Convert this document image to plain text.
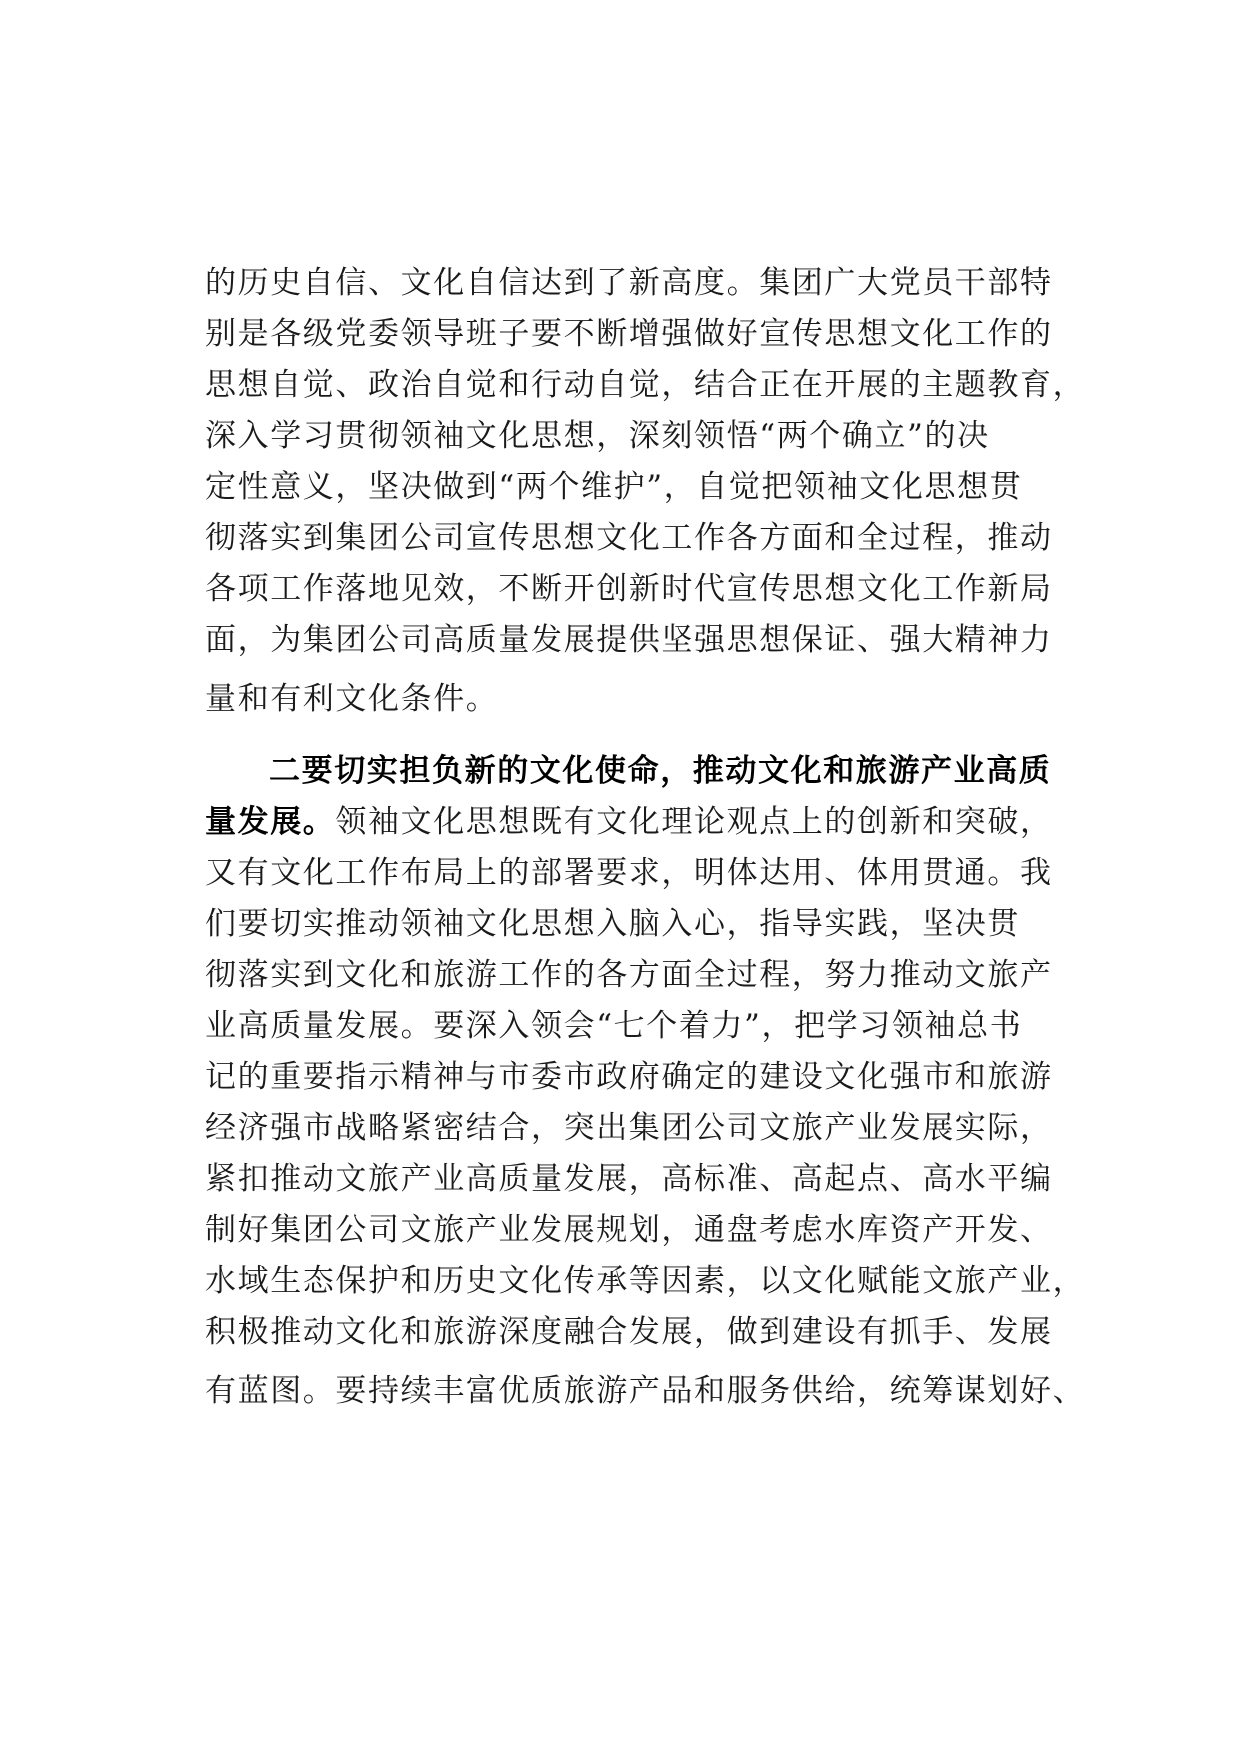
的历史自信、文化自信达到了新高度。集团广大党员干部特
别是各级党委领导班子要不断增强做好宣传思想文化工作的
思想自觉、政治自觉和行动自觉，结合正在开展的主题教育，
深入学习贯彻领袖文化思想，深刻领悟“两个确立”的决
定性意义，坚决做到“两个维护”，自觉把领袖文化思想贯
彻落实到集团公司宣传思想文化工作各方面和全过程，推动
各项工作落地见效，不断开创新时代宣传思想文化工作新局
面，为集团公司高质量发展提供坚强思想保证、强大精神力
量和有利文化条件。
二要切实担负新的文化使命，推动文化和旅游产业高质
量发展。领袖文化思想既有文化理论观点上的创新和突破，
又有文化工作布局上的部署要求，明体达用、体用贯通。我
们要切实推动领袖文化思想入脑入心，指导实践，坚决贯
彻落实到文化和旅游工作的各方面全过程，努力推动文旅产
业高质量发展。要深入领会“七个着力”，把学习领袖总书
记的重要指示精神与市委市政府确定的建设文化强市和旅游
经济强市战略紧密结合，突出集团公司文旅产业发展实际，
紧扣推动文旅产业高质量发展，高标准、高起点、高水平编
制好集团公司文旅产业发展规划，通盘考虑水库资产开发、
水域生态保护和历史文化传承等因素，以文化赋能文旅产业，
积极推动文化和旅游深度融合发展，做到建设有抓手、发展
有蓝图。要持续丰富优质旅游产品和服务供给，统筹谋划好、
